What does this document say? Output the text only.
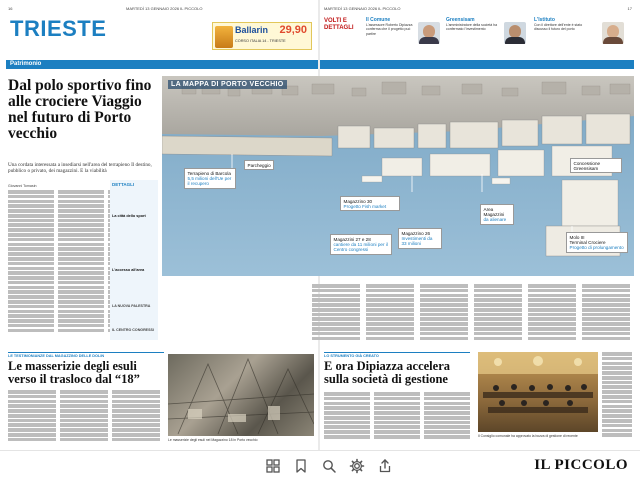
16	MARTEDÌ 13 GENNAIO 2026 IL PICCOLO
TRIESTE	Ballarin 29,90
CORSO ITALIA 14 - TRIESTE
Patrimonio
Dal polo sportivo fino alle crociere Viaggio nel futuro di Porto vecchio
Una cordata interessata a insediarsi nell'area del terrapieno Il destino, pubblico o privato, dei magazzini. E la viabilità
Giovanni Tomasin	DETTAGLI
La città dello sport
L'accesso all'area
LA NUOVA PALESTRA
IL CENTRO CONGRESSI
LE TESTIMONIANZE DAL MAGAZZINO DELLE DOLIN
Le masserizie degli esuli verso il trasloco dal “18”
Le masserizie degli esuli nel Magazzino 18 in Porto vecchio
MARTEDÌ 13 GENNAIO 2026 IL PICCOLO	17
VOLTI E DETTAGLI
Il Comune
L'assessore Roberto Dipiazza conferma che il progetto può partire
Greensisam
L'amministratore della società ha confermato l'investimento
L'Istituto
Con il direttore dell'ente è stato discusso il futuro del porto
LO STRUMENTO GIÀ CREATO
E ora Dipiazza accelera sulla società di gestione
Il Consiglio comunale ha approvato la bozza di gestione di recente
LA MAPPA DI PORTO VECCHIO
Terrapieno di Barcola
5,5 milioni dell'Ue per il recupero
Parcheggio
Magazzino 30
Progetto Fish market
Magazzini 27 e 28
cantiere da 11 milioni per il Centro congressi
Magazzino 26
Investimenti da 33 milioni
Area Magazzini
da alienare
Concessione Greensisam
Molo III
Terminal Crociere
Progetto di prolungamento
IL PICCOLO
